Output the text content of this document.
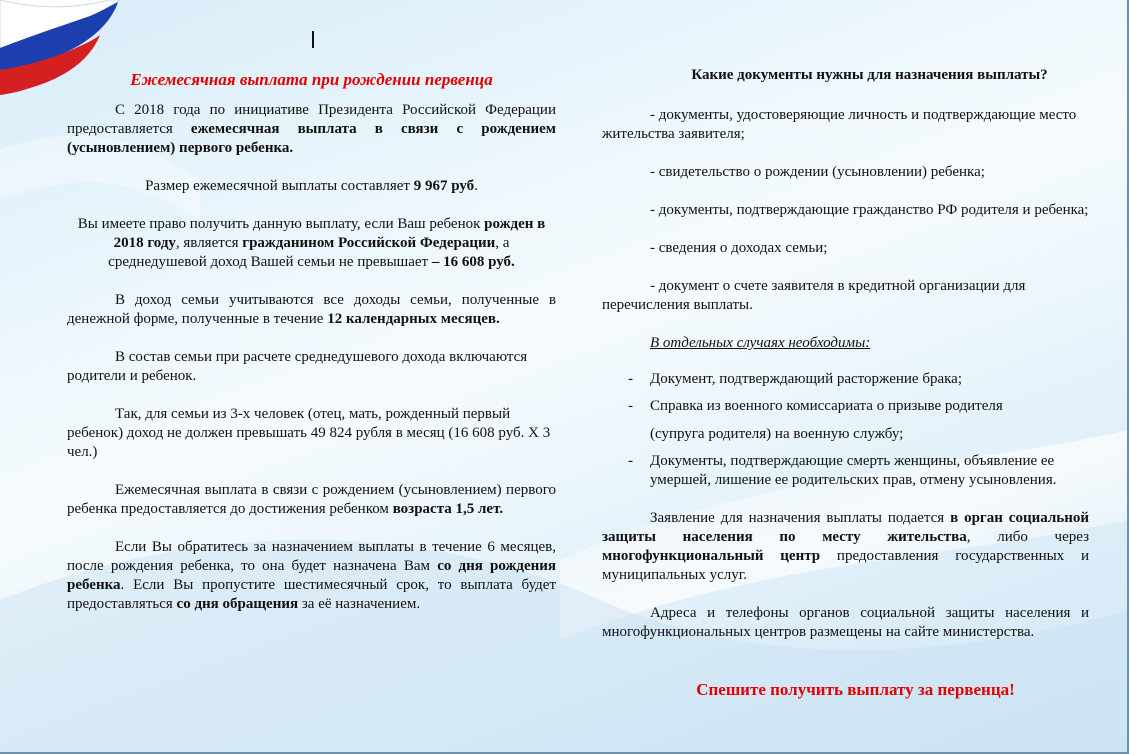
Ежемесячная выплата при рождении первенца

С 2018 года по инициативе Президента Российской Федерации предоставляется ежемесячная выплата в связи с рождением (усыновлением) первого ребенка.

Размер ежемесячной выплаты составляет 9 967 руб.

Вы имеете право получить данную выплату, если Ваш ребенок рожден в 2018 году, является гражданином Российской Федерации, а среднедушевой доход Вашей семьи не превышает – 16 608 руб.

В доход семьи учитываются все доходы семьи, полученные в денежной форме, полученные в течение 12 календарных месяцев.

В состав семьи при расчете среднедушевого дохода включаются родители и ребенок.

Так, для семьи из 3-х человек (отец, мать, рожденный первый ребенок) доход не должен превышать 49 824 рубля в месяц (16 608 руб. Х 3 чел.)

Ежемесячная выплата в связи с рождением (усыновлением) первого ребенка предоставляется до достижения ребенком возраста 1,5 лет.

Если Вы обратитесь за назначением выплаты в течение 6 месяцев, после рождения ребенка, то она будет назначена Вам со дня рождения ребенка. Если Вы пропустите шестимесячный срок, то выплата будет предоставляться со дня обращения за её назначением.

Какие документы нужны для назначения выплаты?

- документы, удостоверяющие личность и подтверждающие место жительства заявителя;

- свидетельство о рождении (усыновлении) ребенка;

- документы, подтверждающие гражданство РФ родителя и ребенка;

- сведения о доходах семьи;

- документ о счете заявителя в кредитной организации для перечисления выплаты.

В отдельных случаях необходимы:

- Документ, подтверждающий расторжение брака;
- Справка из военного комиссариата о призыве родителя
(супруга родителя) на военную службу;
- Документы, подтверждающие смерть женщины, объявление ее умершей, лишение ее родительских прав, отмену усыновления.

Заявление для назначения выплаты подается в орган социальной защиты населения по месту жительства, либо через многофункциональный центр предоставления государственных и муниципальных услуг.

Адреса и телефоны органов социальной защиты населения и многофункциональных центров размещены на сайте министерства.

Спешите получить выплату за первенца!
